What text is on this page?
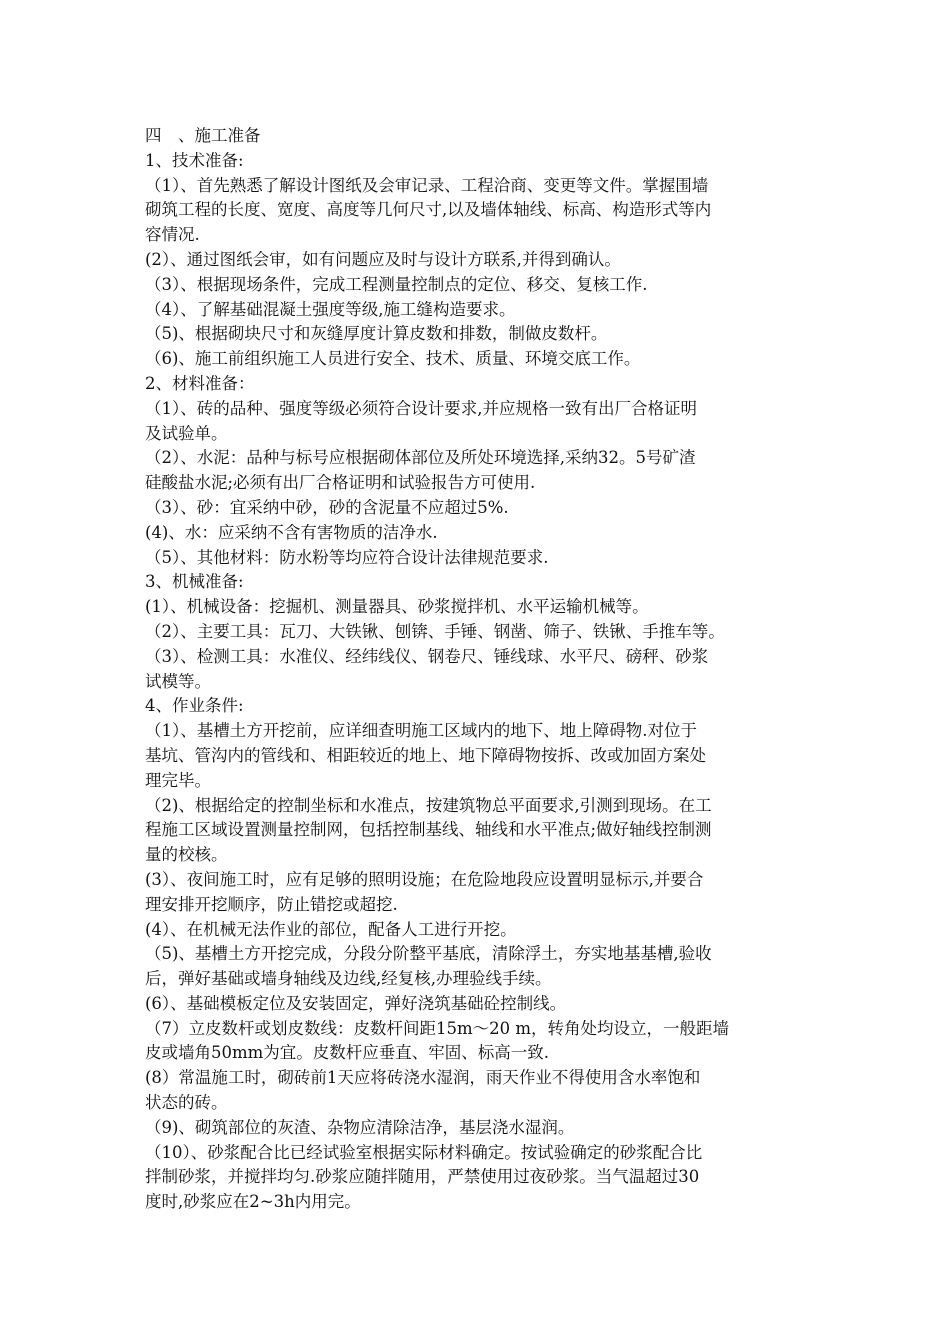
四　、施工准备
1、技术准备:
（1）、首先熟悉了解设计图纸及会审记录、工程洽商、变更等文件。掌握围墙
砌筑工程的长度、宽度、高度等几何尺寸,以及墙体轴线、标高、构造形式等内
容情况.
(2）、通过图纸会审，如有问题应及时与设计方联系,并得到确认。
（3）、根据现场条件，完成工程测量控制点的定位、移交、复核工作.
（4）、了解基础混凝土强度等级,施工缝构造要求。
（5)、根据砌块尺寸和灰缝厚度计算皮数和排数，制做皮数杆。
（6)、施工前组织施工人员进行安全、技术、质量、环境交底工作。
2、材料准备：
（1）、砖的品种、强度等级必须符合设计要求,并应规格一致有出厂合格证明
及试验单。
（2）、水泥：品种与标号应根据砌体部位及所处环境选择,采纳32。5号矿渣
硅酸盐水泥;必须有出厂合格证明和试验报告方可使用.
（3）、砂：宜采纳中砂，砂的含泥量不应超过5%.
(4)、水：应采纳不含有害物质的洁净水.
（5）、其他材料：防水粉等均应符合设计法律规范要求.
3、机械准备:
(1）、机械设备：挖掘机、测量器具、砂浆搅拌机、水平运输机械等。
（2）、主要工具：瓦刀、大铁锹、刨锛、手锤、钢凿、筛子、铁锹、手推车等。
（3）、检测工具：水准仪、经纬线仪、钢卷尺、锤线球、水平尺、磅秤、砂浆
试模等。
4、作业条件:
（1）、基槽土方开挖前，应详细查明施工区域内的地下、地上障碍物.对位于
基坑、管沟内的管线和、相距较近的地上、地下障碍物按拆、改或加固方案处
理完毕。
（2)、根据给定的控制坐标和水准点，按建筑物总平面要求,引测到现场。在工
程施工区域设置测量控制网，包括控制基线、轴线和水平准点;做好轴线控制测
量的校核。
(3）、夜间施工时，应有足够的照明设施；在危险地段应设置明显标示,并要合
理安排开挖顺序，防止错挖或超挖.
(4）、在机械无法作业的部位，配备人工进行开挖。
（5)、基槽土方开挖完成，分段分阶整平基底，清除浮土，夯实地基基槽,验收
后，弹好基础或墙身轴线及边线,经复核,办理验线手续。
(6）、基础模板定位及安装固定，弹好浇筑基础砼控制线。
（7）立皮数杆或划皮数线：皮数杆间距15m～20 m，转角处均设立，一般距墙
皮或墙角50mm为宜。皮数杆应垂直、牢固、标高一致.
(8）常温施工时，砌砖前1天应将砖浇水湿润，雨天作业不得使用含水率饱和
状态的砖。
（9)、砌筑部位的灰渣、杂物应清除洁净，基层浇水湿润。
（10）、砂浆配合比已经试验室根据实际材料确定。按试验确定的砂浆配合比
拌制砂浆，并搅拌均匀.砂浆应随拌随用，严禁使用过夜砂浆。当气温超过30
度时,砂浆应在2~3h内用完。
